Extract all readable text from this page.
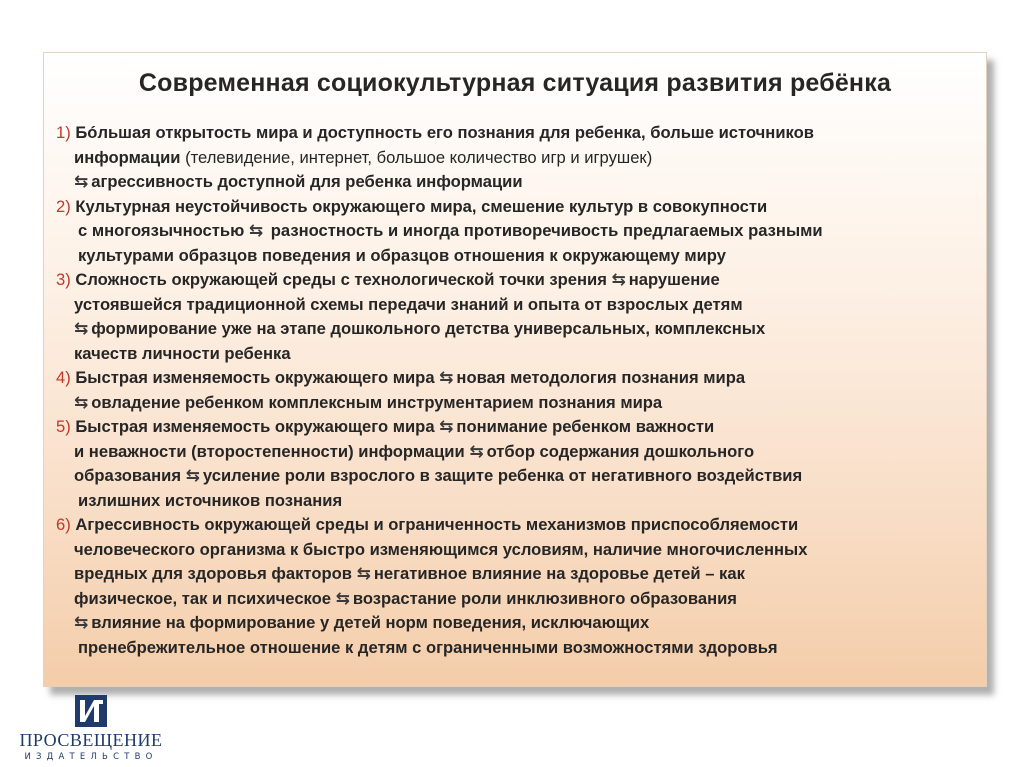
Современная социокультурная ситуация развития ребёнка
1) Бóльшая открытость мира и доступность его познания для ребенка, больше источников
информации (телевидение, интернет, большое количество игр и игрушек)
⇆ агрессивность доступной для ребенка информации
2) Культурная неустойчивость окружающего мира, смешение культур в совокупности
с многоязычностью ⇆ разностность и иногда противоречивость предлагаемых разными
культурами образцов поведения и образцов отношения к окружающему миру
3) Сложность окружающей среды с технологической точки зрения ⇆ нарушение
устоявшейся традиционной схемы передачи знаний и опыта от взрослых детям
⇆ формирование уже на этапе дошкольного детства универсальных, комплексных
качеств личности ребенка
4) Быстрая изменяемость окружающего мира ⇆ новая методология познания мира
⇆ овладение ребенком комплексным инструментарием познания мира
5) Быстрая изменяемость окружающего мира ⇆ понимание ребенком важности
и неважности (второстепенности) информации ⇆ отбор содержания дошкольного
образования ⇆ усиление роли взрослого в защите ребенка от негативного воздействия
излишних источников познания
6) Агрессивность окружающей среды и ограниченность механизмов приспособляемости
человеческого организма к быстро изменяющимся условиям, наличие многочисленных
вредных для здоровья факторов ⇆ негативное влияние на здоровье детей – как
физическое, так и психическое ⇆ возрастание роли инклюзивного образования
⇆ влияние на формирование у детей норм поведения, исключающих
пренебрежительное отношение к детям с ограниченными возможностями здоровья
ПРОСВЕЩЕНИЕ
ИЗДАТЕЛЬСТВО
